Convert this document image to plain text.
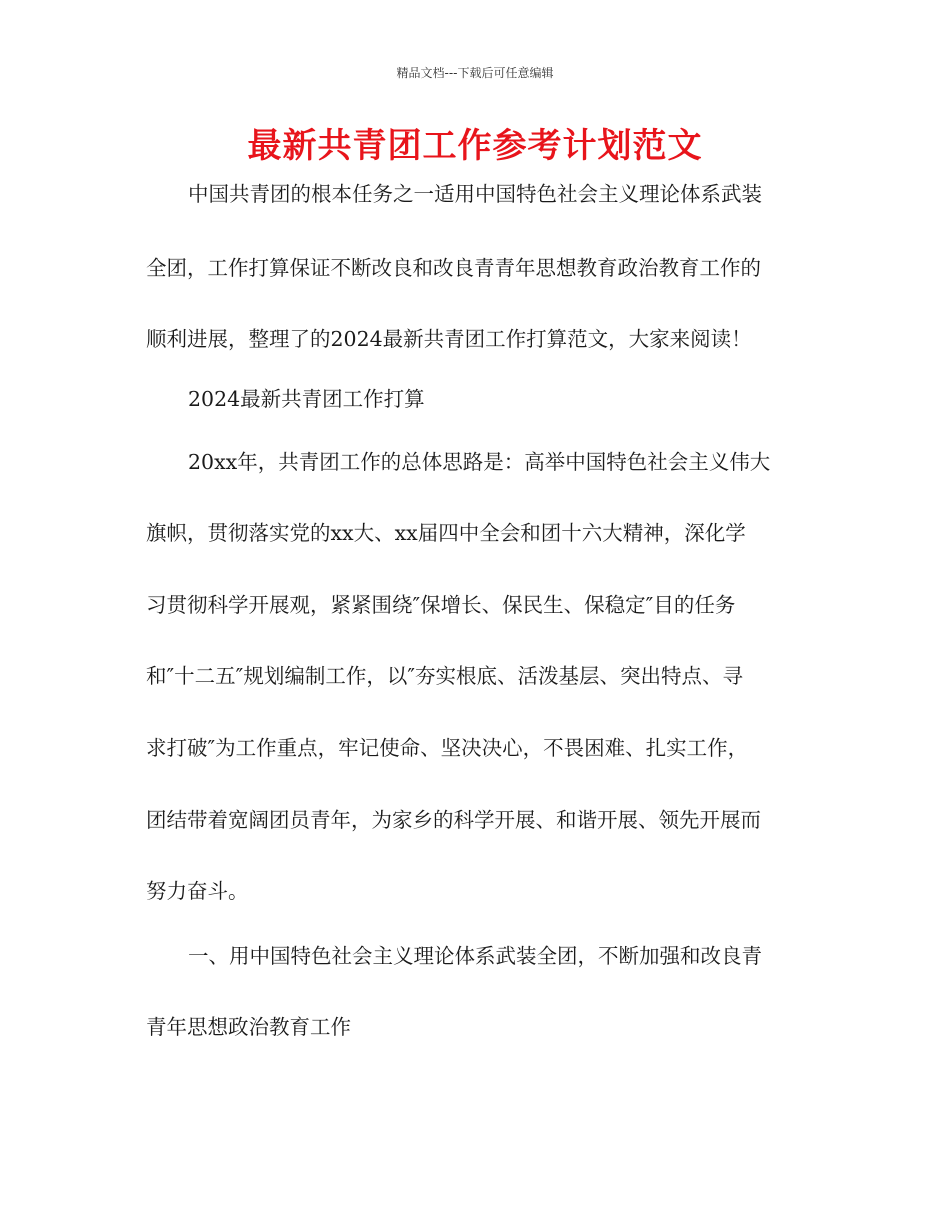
精品文档---下载后可任意编辑
最新共青团工作参考计划范文
中国共青团的根本任务之一适用中国特色社会主义理论体系武装
全团，工作打算保证不断改良和改良青青年思想教育政治教育工作的
顺利进展，整理了的2024最新共青团工作打算范文，大家来阅读！
2024最新共青团工作打算
20xx年，共青团工作的总体思路是：高举中国特色社会主义伟大
旗帜，贯彻落实党的xx大、xx届四中全会和团十六大精神，深化学
习贯彻科学开展观，紧紧围绕″保增长、保民生、保稳定″目的任务
和″十二五″规划编制工作，以″夯实根底、活泼基层、突出特点、寻
求打破″为工作重点，牢记使命、坚决决心，不畏困难、扎实工作，
团结带着宽阔团员青年，为家乡的科学开展、和谐开展、领先开展而
努力奋斗。
一、用中国特色社会主义理论体系武装全团，不断加强和改良青
青年思想政治教育工作
